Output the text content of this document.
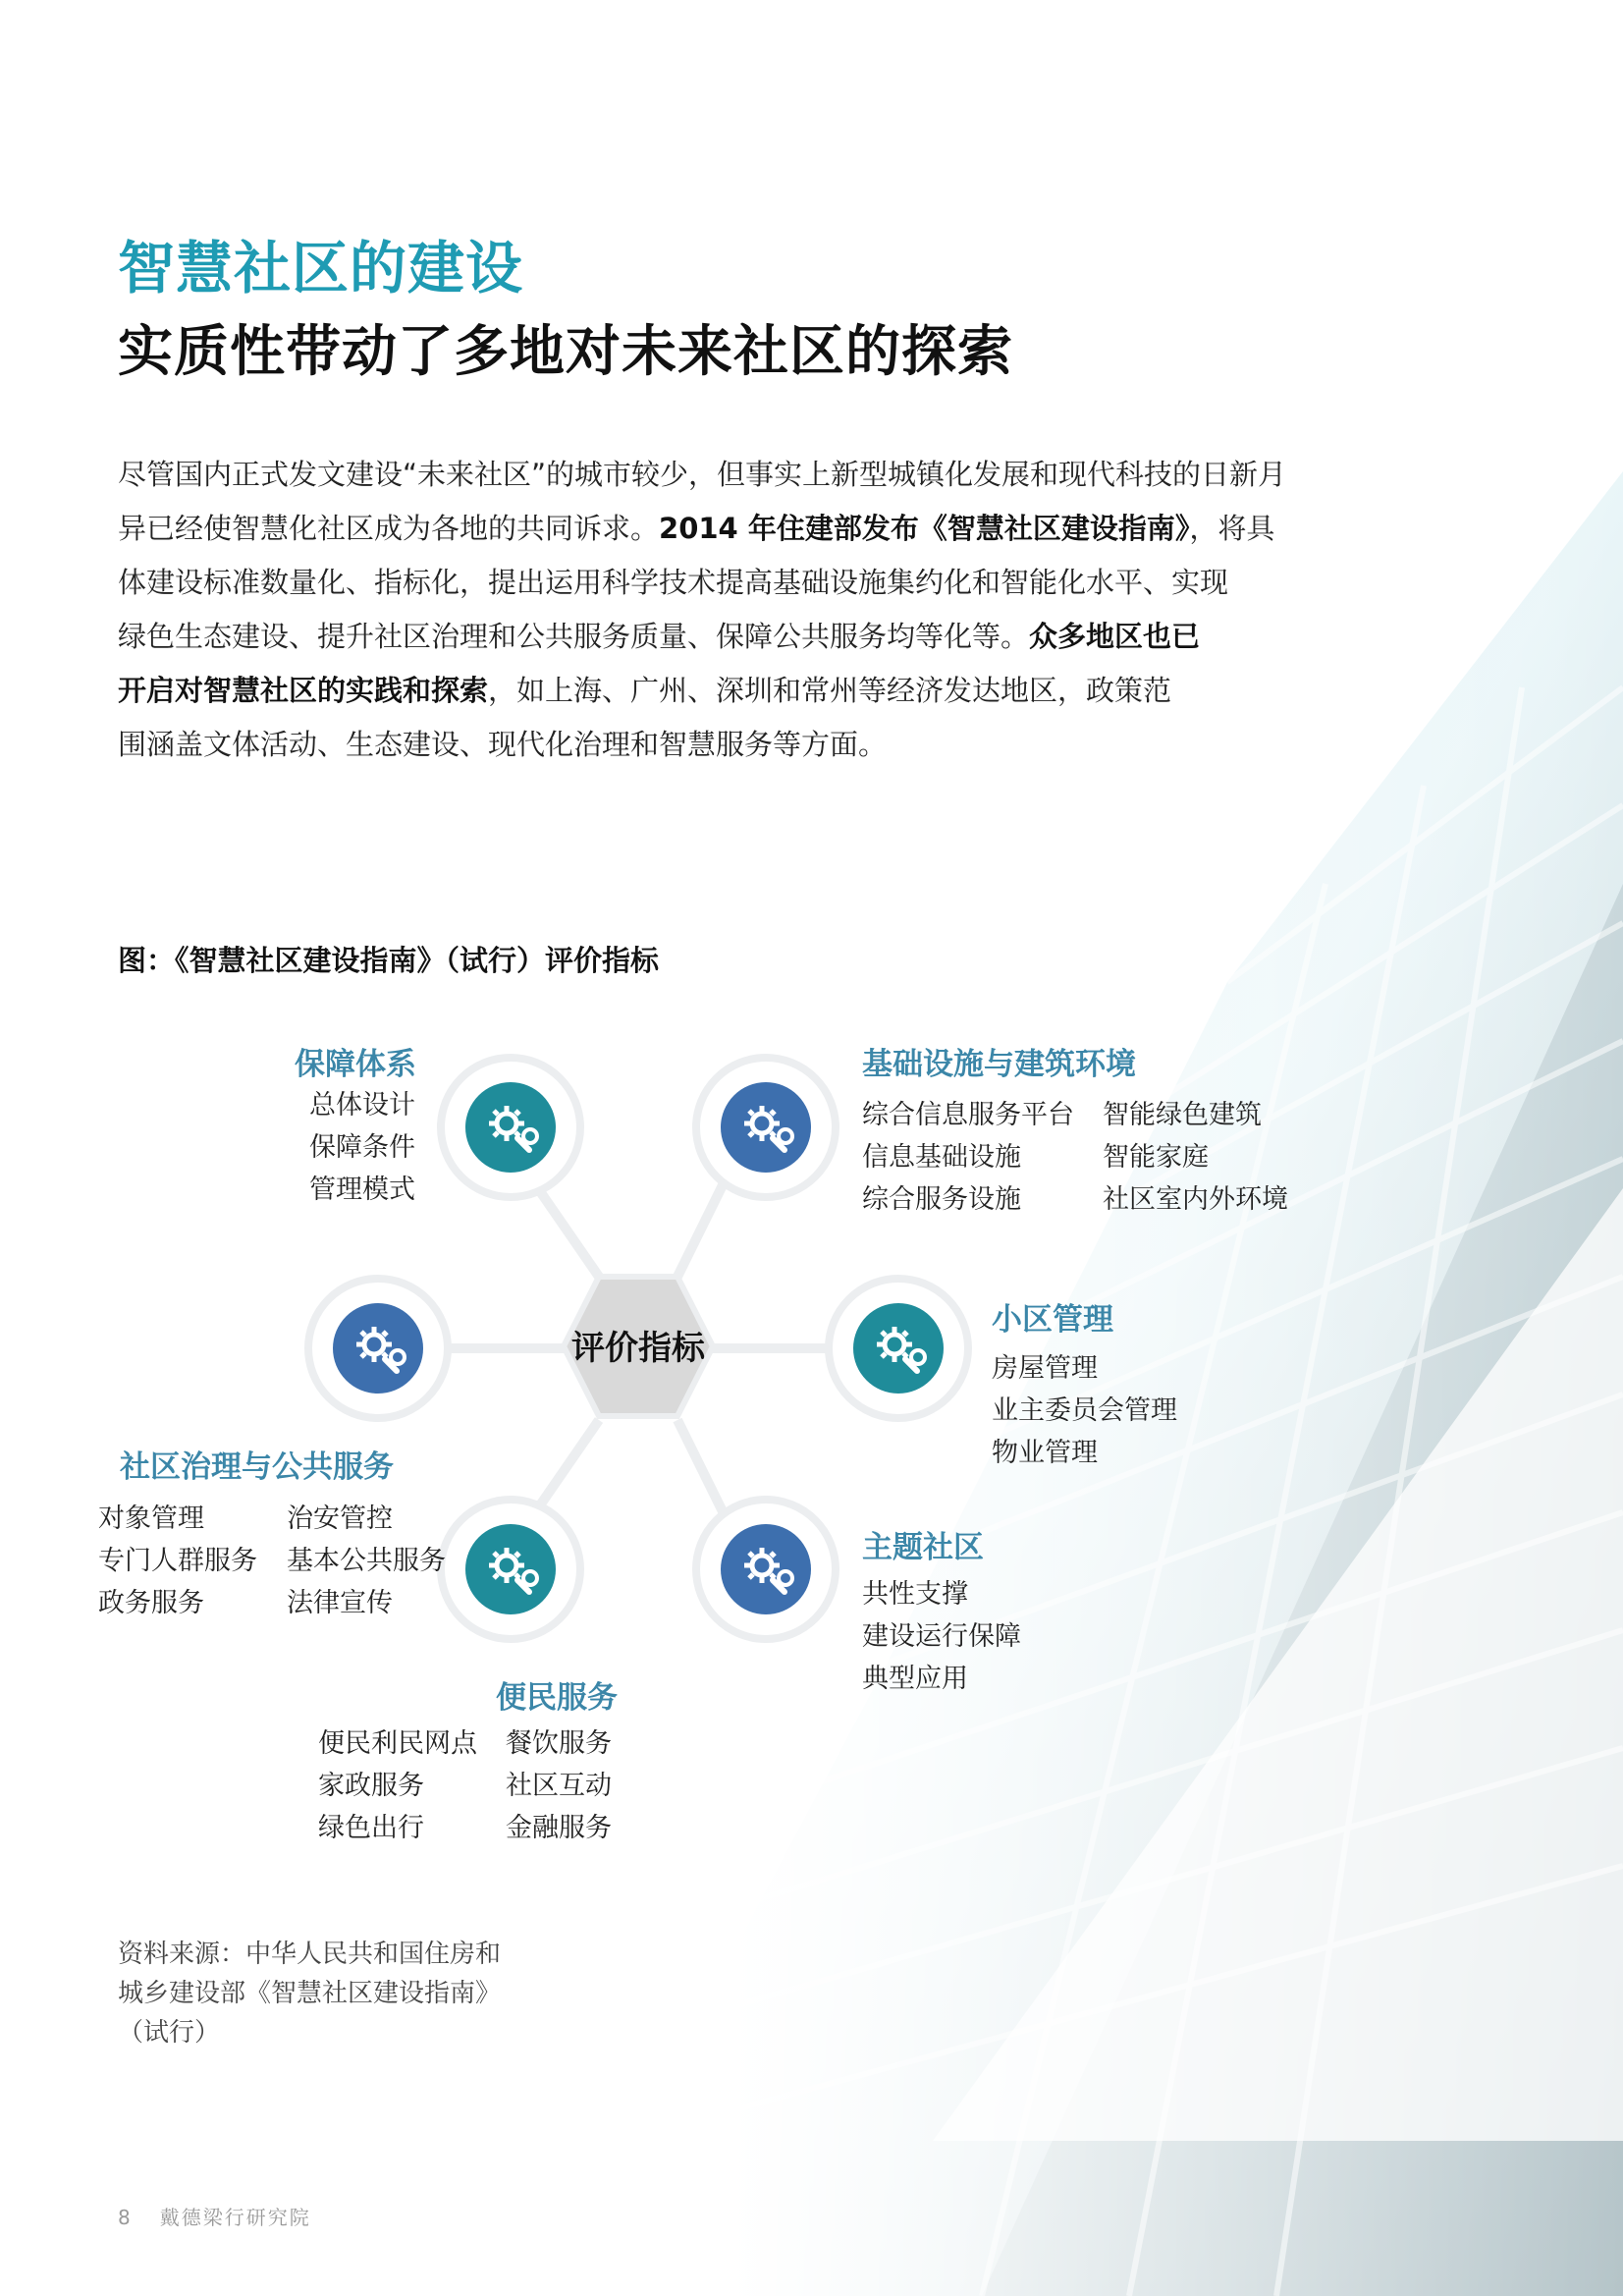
智慧社区的建设
实质性带动了多地对未来社区的探索
尽管国内正式发文建设“未来社区”的城市较少，但事实上新型城镇化发展和现代科技的日新月
异已经使智慧化社区成为各地的共同诉求。2014 年住建部发布《智慧社区建设指南》，将具
体建设标准数量化、指标化，提出运用科学技术提高基础设施集约化和智能化水平、实现
绿色生态建设、提升社区治理和公共服务质量、保障公共服务均等化等。众多地区也已
开启对智慧社区的实践和探索，如上海、广州、深圳和常州等经济发达地区，政策范
围涵盖文体活动、生态建设、现代化治理和智慧服务等方面。
图：《智慧社区建设指南》（试行）评价指标
评价指标
保障体系
总体设计
保障条件
管理模式
基础设施与建筑环境
综合信息服务平台
信息基础设施
综合服务设施
智能绿色建筑
智能家庭
社区室内外环境
小区管理
房屋管理
业主委员会管理
物业管理
社区治理与公共服务
对象管理
专门人群服务
政务服务
治安管控
基本公共服务
法律宣传
主题社区
共性支撑
建设运行保障
典型应用
便民服务
便民利民网点
家政服务
绿色出行
餐饮服务
社区互动
金融服务
资料来源：中华人民共和国住房和
城乡建设部《智慧社区建设指南》
（试行）
8 戴德梁行研究院
